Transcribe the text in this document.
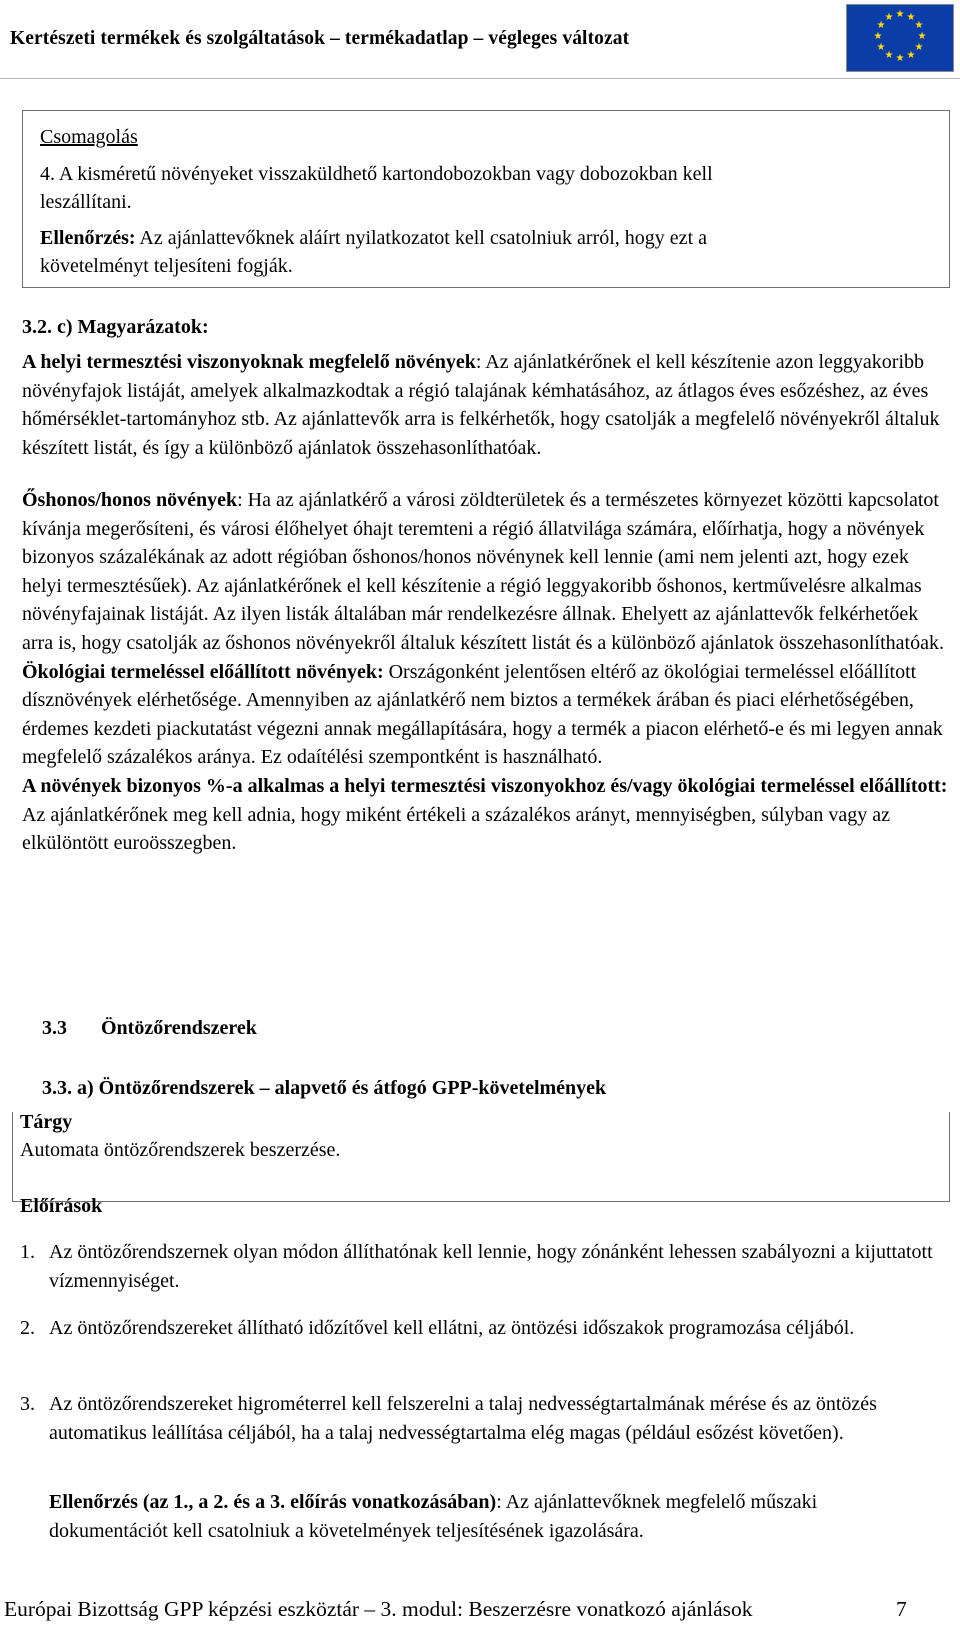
Kertészeti termékek és szolgáltatások – termékadatlap – végleges változat
★ ★
★
★
★
★
★
★
★
★
★
★
Csomagolás
4. A kisméretű növényeket visszaküldhető kartondobozokban vagy dobozokban kell
leszállítani.
Ellenőrzés: Az ajánlattevőknek aláírt nyilatkozatot kell csatolniuk arról, hogy ezt a
követelményt teljesíteni fogják.
3.2. c) Magyarázatok:

A helyi termesztési viszonyoknak megfelelő növények: Az ajánlatkérőnek el kell készítenie azon leggyakoribb növényfajok listáját, amelyek alkalmazkodtak a régió talajának kémhatásához, az átlagos éves esőzéshez, az éves hőmérséklet-tartományhoz stb. Az ajánlattevők arra is felkérhetők, hogy csatolják a megfelelő növényekről általuk készített listát, és így a különböző ajánlatok összehasonlíthatóak.

Őshonos/honos növények: Ha az ajánlatkérő a városi zöldterületek és a természetes környezet közötti kapcsolatot kívánja megerősíteni, és városi élőhelyet óhajt teremteni a régió állatvilága számára, előírhatja, hogy a növények bizonyos százalékának az adott régióban őshonos/honos növénynek kell lennie (ami nem jelenti azt, hogy ezek helyi termesztésűek). Az ajánlatkérőnek el kell készítenie a régió leggyakoribb őshonos, kertművelésre alkalmas növényfajainak listáját. Az ilyen listák általában már rendelkezésre állnak. Ehelyett az ajánlattevők felkérhetőek arra is, hogy csatolják az őshonos növényekről általuk készített listát és a különböző ajánlatok összehasonlíthatóak.

Ökológiai termeléssel előállított növények: Országonként jelentősen eltérő az ökológiai termeléssel előállított dísznövények elérhetősége. Amennyiben az ajánlatkérő nem biztos a termékek árában és piaci elérhetőségében, érdemes kezdeti piackutatást végezni annak megállapítására, hogy a termék a piacon elérhető-e és mi legyen annak megfelelő százalékos aránya. Ez odaítélési szempontként is használható.

A növények bizonyos %-a alkalmas a helyi termesztési viszonyokhoz és/vagy ökológiai termeléssel előállított: Az ajánlatkérőnek meg kell adnia, hogy miként értékeli a százalékos arányt, mennyiségben, súlyban vagy az elkülöntött euroösszegben.

3.3 Öntözőrendszerek
3.3. a) Öntözőrendszerek – alapvető és átfogó GPP-követelmények
Tárgy
Automata öntözőrendszerek beszerzése.
Előírások
1. Az öntözőrendszernek olyan módon állíthatónak kell lennie, hogy zónánként lehessen szabályozni a kijuttatott vízmennyiséget.
2. Az öntözőrendszereket állítható időzítővel kell ellátni, az öntözési időszakok programozása céljából.
3. Az öntözőrendszereket higrométerrel kell felszerelni a talaj nedvességtartalmának mérése és az öntözés automatikus leállítása céljából, ha a talaj nedvességtartalma elég magas (például esőzést követően).
Ellenőrzés (az 1., a 2. és a 3. előírás vonatkozásában): Az ajánlattevőknek megfelelő műszaki dokumentációt kell csatolniuk a követelmények teljesítésének igazolására.
Európai Bizottság GPP képzési eszköztár – 3. modul: Beszerzésre vonatkozó ajánlások	7
